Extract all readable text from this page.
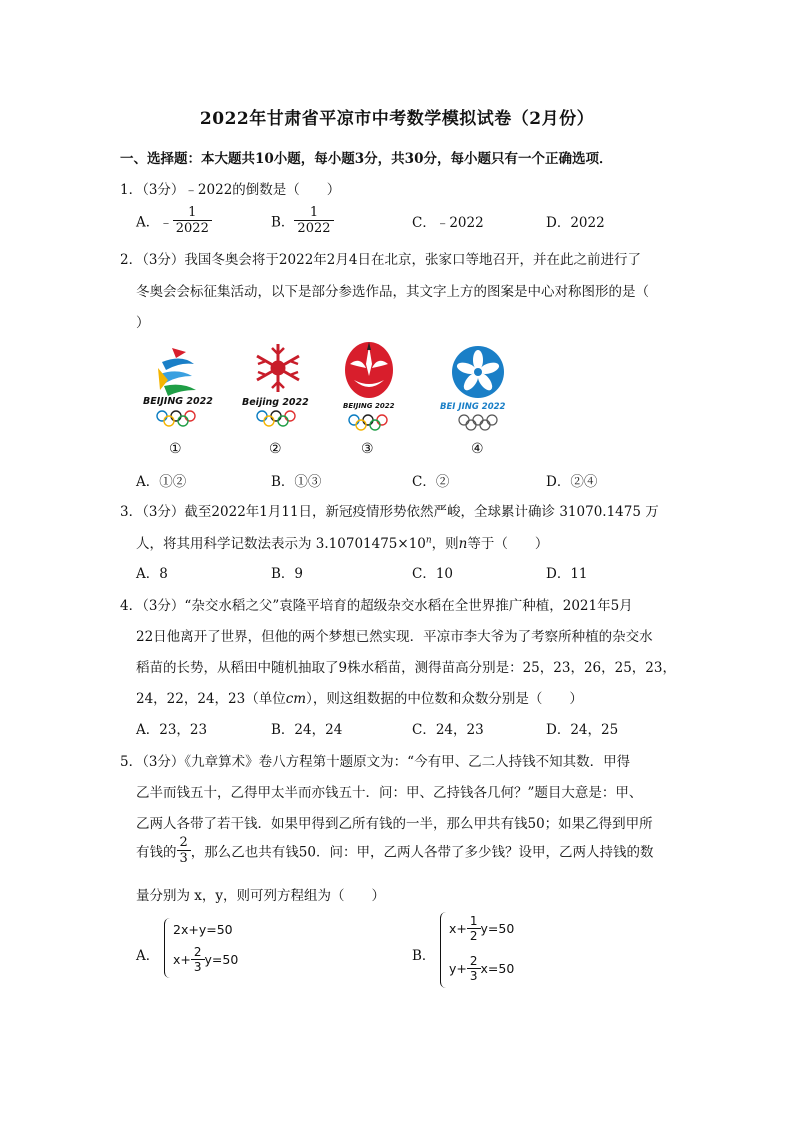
2022年甘肃省平凉市中考数学模拟试卷（2月份）
一、选择题：本大题共10小题，每小题3分，共30分，每小题只有一个正确选项．
1．（3分）﹣2022的倒数是（　　）
A．﹣ $\frac{1}{2022}$	B． $\frac{1}{2022}$	C．﹣2022	D．2022
2．（3分）我国冬奥会将于2022年2月4日在北京，张家口等地召开，并在此之前进行了
冬奥会会标征集活动，以下是部分参选作品，其文字上方的图案是中心对称图形的是（
）
BEIJING 2022
①
Beijing 2022
②
BEIJING 2022
③
BEI JING 2022
④
A．①②	B．①③	C．②	D．②④
3．（3分）截至2022年1月11日，新冠疫情形势依然严峻，全球累计确诊 31070.1475 万
人，将其用科学记数法表示为 $3.10701475\times 10^n$，则n等于（　　）
A．8	B．9	C．10	D．11
4．（3分）“杂交水稻之父”袁隆平培育的超级杂交水稻在全世界推广种植，2021年5月
22日他离开了世界，但他的两个梦想已然实现．平凉市李大爷为了考察所种植的杂交水
稻苗的长势，从稻田中随机抽取了9株水稻苗，测得苗高分别是：25，23，26，25，23，
24，22，24，23（单位cm），则这组数据的中位数和众数分别是（　　）
A．23，23	B．24，24	C．24，23	D．24，25
5．（3分）《九章算术》卷八方程第十题原文为：“今有甲、乙二人持钱不知其数．甲得
乙半而钱五十，乙得甲太半而亦钱五十．问：甲、乙持钱各几何？”题目大意是：甲、
乙两人各带了若干钱．如果甲得到乙所有钱的一半，那么甲共有钱50；如果乙得到甲所
有钱的 $\frac{2}{3}$ ，那么乙也共有钱50．问：甲，乙两人各带了多少钱？设甲，乙两人持钱的数
量分别为 x，y，则可列方程组为（　　）
A．
2x+y=50
$x+ \frac{2}{3} y=50$	B．
$x+ \frac{1}{2} y=50$
$y+ \frac{2}{3} x=50$
